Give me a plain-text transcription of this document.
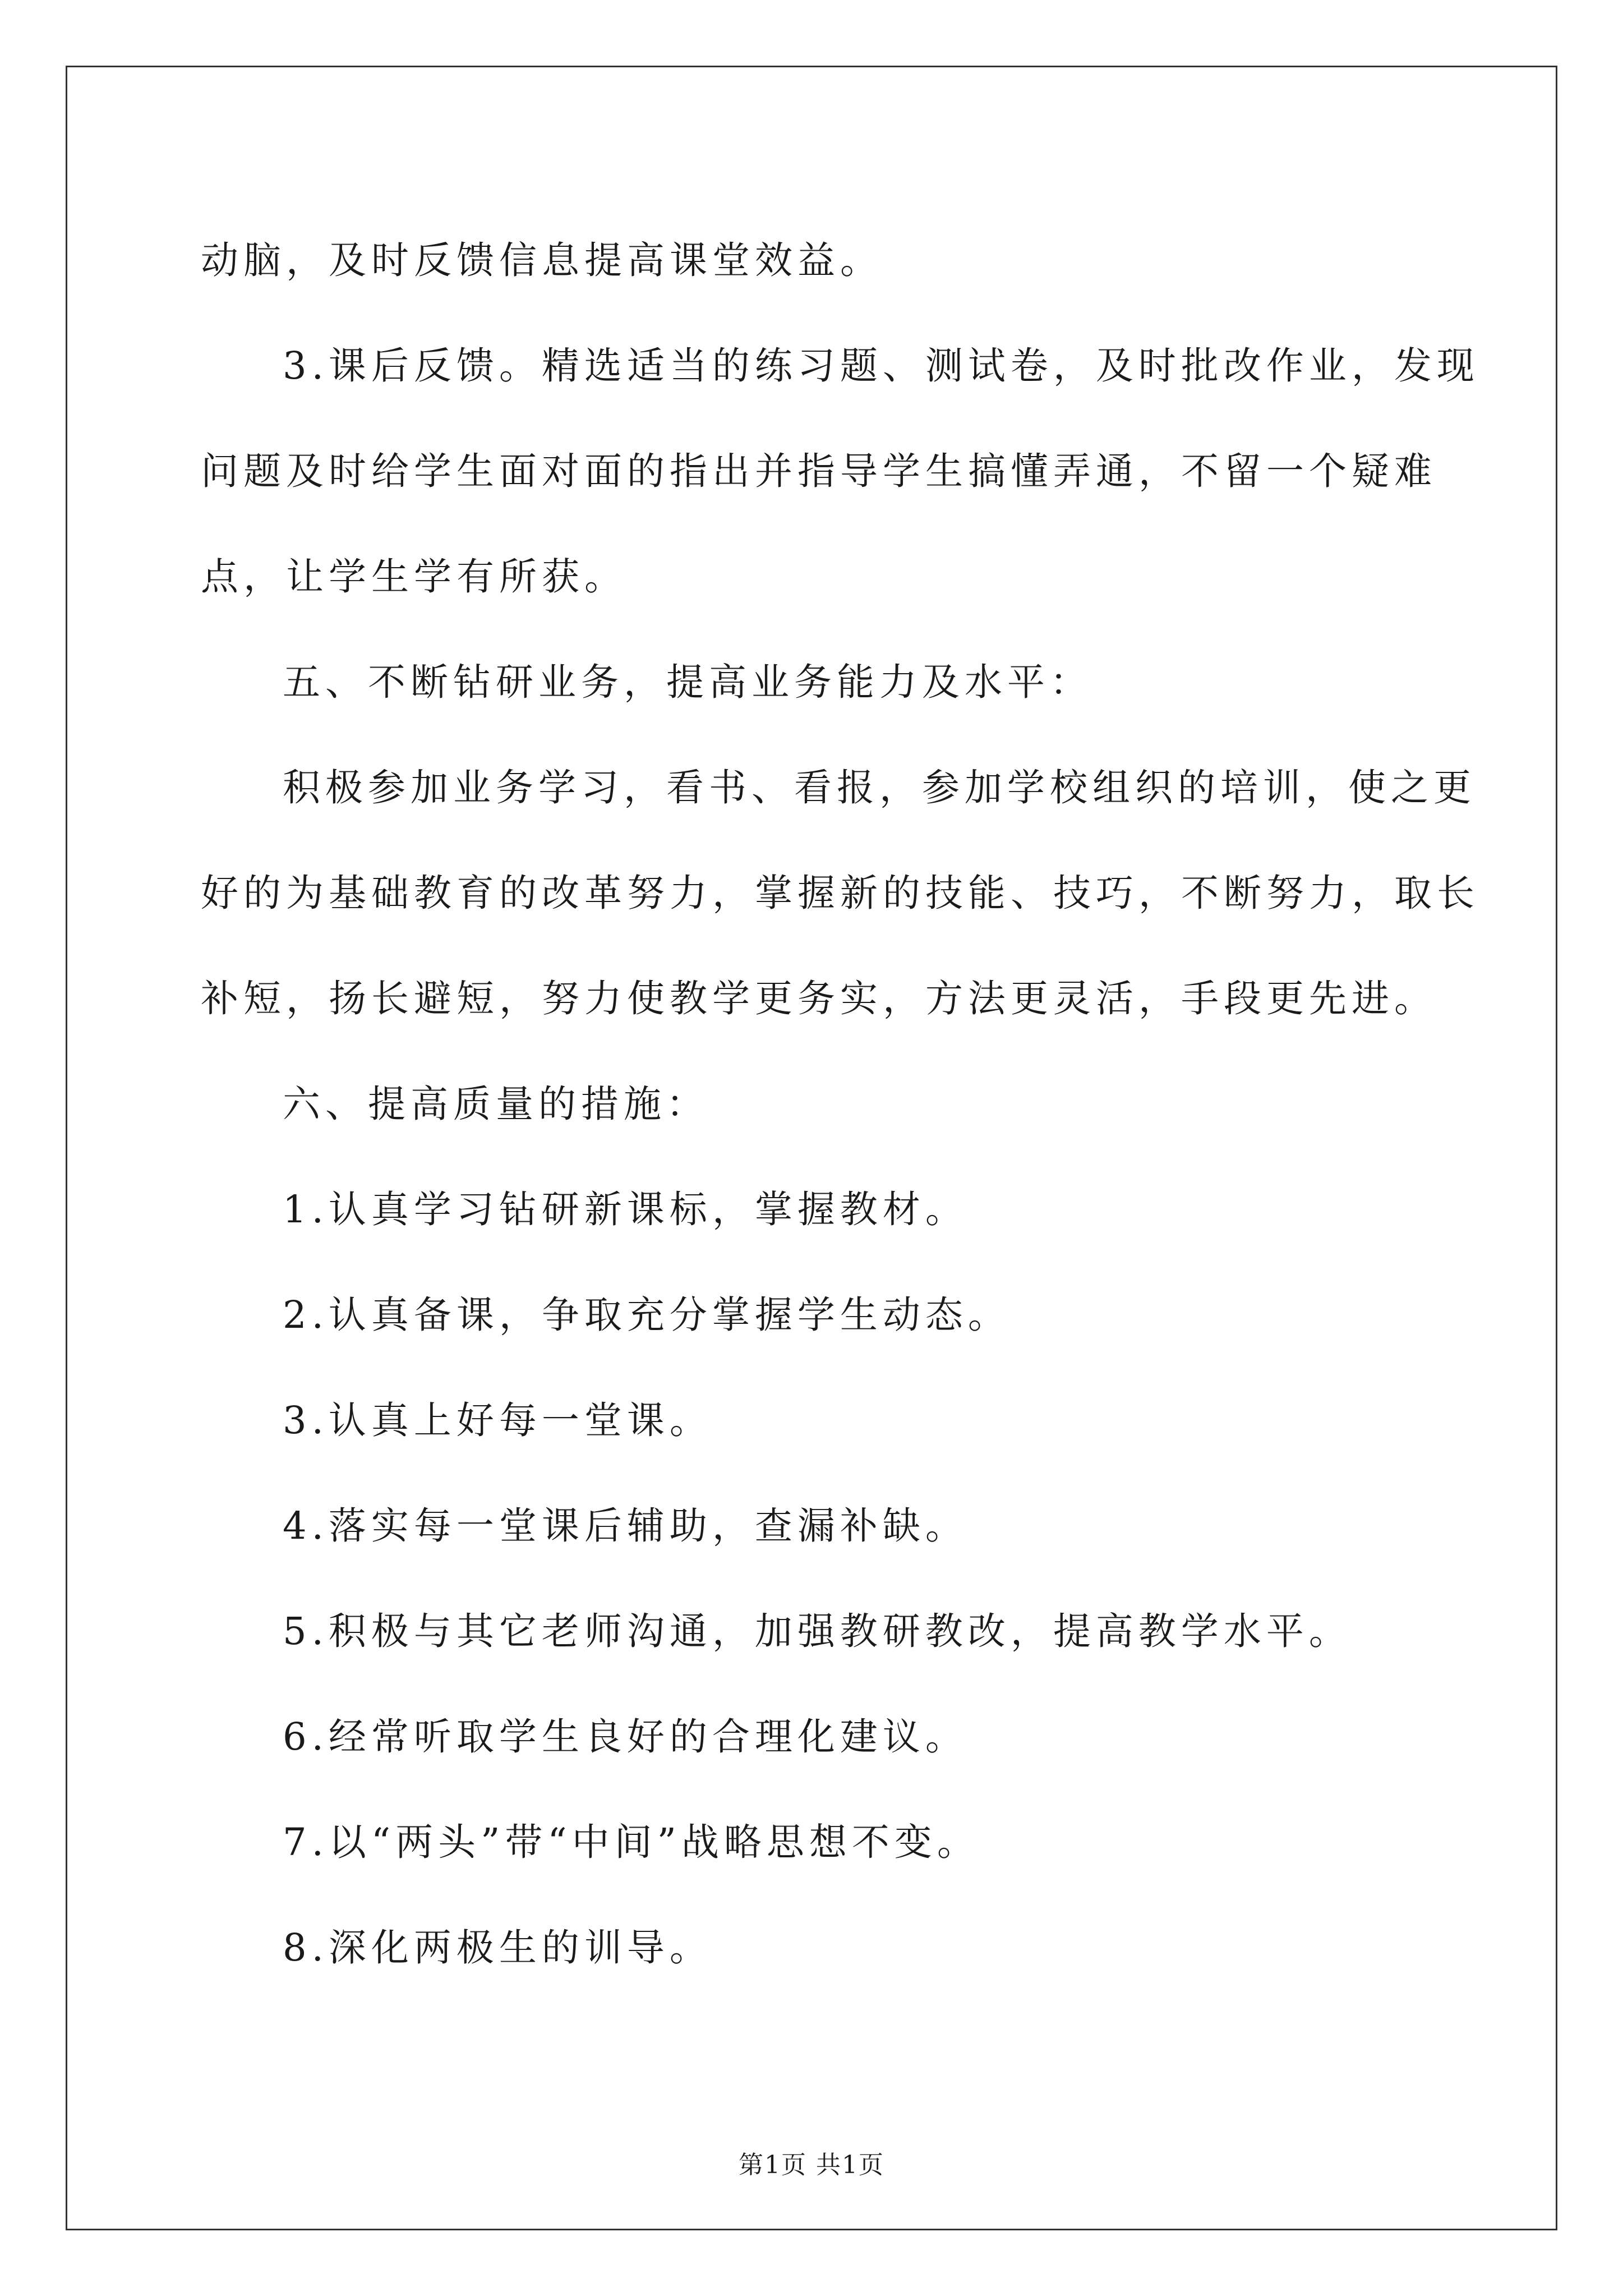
动脑，及时反馈信息提高课堂效益。

3.课后反馈。精选适当的练习题、测试卷，及时批改作业，发现问题及时给学生面对面的指出并指导学生搞懂弄通，不留一个疑难点，让学生学有所获。

五、不断钻研业务，提高业务能力及水平：

积极参加业务学习，看书、看报，参加学校组织的培训，使之更好的为基础教育的改革努力，掌握新的技能、技巧，不断努力，取长补短，扬长避短，努力使教学更务实，方法更灵活，手段更先进。

六、提高质量的措施：

1.认真学习钻研新课标，掌握教材。

2.认真备课，争取充分掌握学生动态。

3.认真上好每一堂课。

4.落实每一堂课后辅助，查漏补缺。

5.积极与其它老师沟通，加强教研教改，提高教学水平。

6.经常听取学生良好的合理化建议。

7.以“两头”带“中间”战略思想不变。

8.深化两极生的训导。

第1页 共1页
